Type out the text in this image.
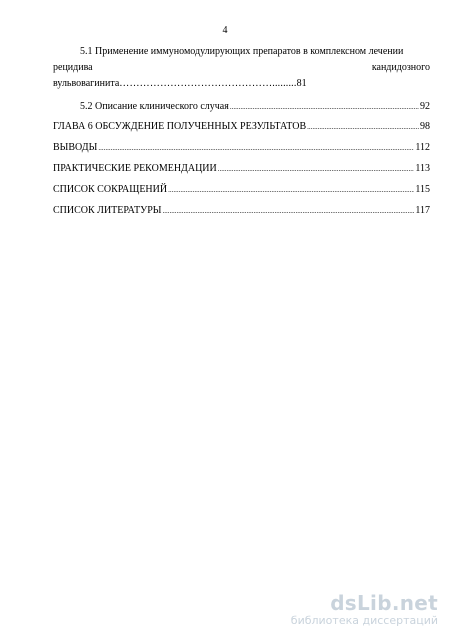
4
5.1 Применение иммуномодулирующих препаратов в комплексном лечении
рецидива	кандидозного
вульвовагинита……………………………………….........81
5.2 Описание клинического случая .....	92
ГЛАВА 6 ОБСУЖДЕНИЕ ПОЛУЧЕННЫХ РЕЗУЛЬТАТОВ .....	98
ВЫВОДЫ .....	112
ПРАКТИЧЕСКИЕ РЕКОМЕНДАЦИИ .....	113
СПИСОК СОКРАЩЕНИЙ .....	115
СПИСОК ЛИТЕРАТУРЫ .....	117
dsLib.net
библиотека диссертаций
